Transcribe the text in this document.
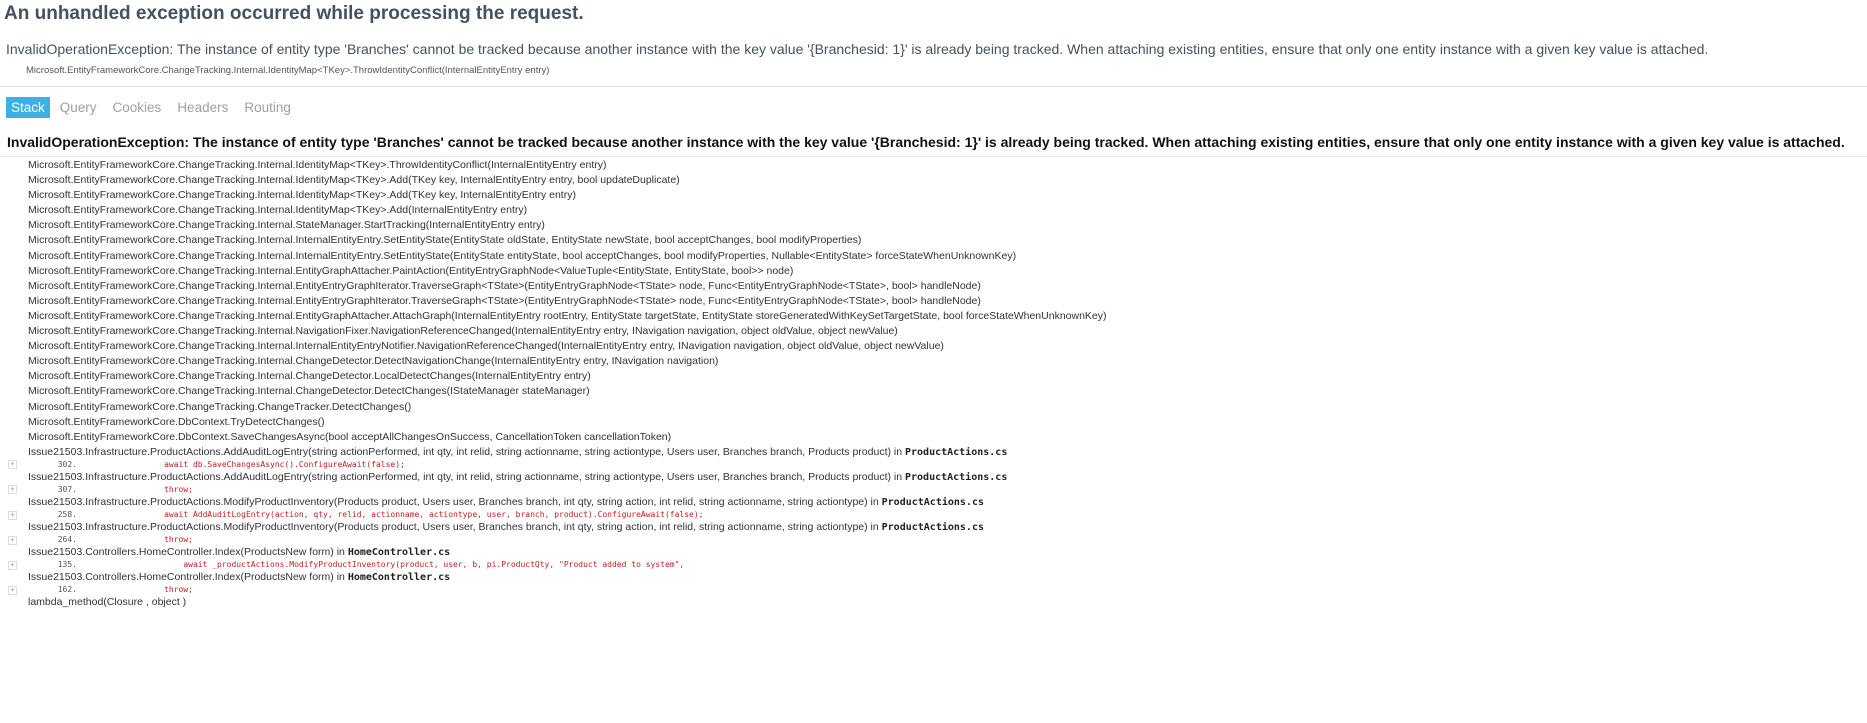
An unhandled exception occurred while processing the request.
InvalidOperationException: The instance of entity type 'Branches' cannot be tracked because another instance with the key value '{Branchesid: 1}' is already being tracked. When attaching existing entities, ensure that only one entity instance with a given key value is attached.
Microsoft.EntityFrameworkCore.ChangeTracking.Internal.IdentityMap<TKey>.ThrowIdentityConflict(InternalEntityEntry entry)
Stack	Query	Cookies	Headers	Routing
InvalidOperationException: The instance of entity type 'Branches' cannot be tracked because another instance with the key value '{Branchesid: 1}' is already being tracked. When attaching existing entities, ensure that only one entity instance with a given key value is attached.
Microsoft.EntityFrameworkCore.ChangeTracking.Internal.IdentityMap<TKey>.ThrowIdentityConflict(InternalEntityEntry entry)
Microsoft.EntityFrameworkCore.ChangeTracking.Internal.IdentityMap<TKey>.Add(TKey key, InternalEntityEntry entry, bool updateDuplicate)
Microsoft.EntityFrameworkCore.ChangeTracking.Internal.IdentityMap<TKey>.Add(TKey key, InternalEntityEntry entry)
Microsoft.EntityFrameworkCore.ChangeTracking.Internal.IdentityMap<TKey>.Add(InternalEntityEntry entry)
Microsoft.EntityFrameworkCore.ChangeTracking.Internal.StateManager.StartTracking(InternalEntityEntry entry)
Microsoft.EntityFrameworkCore.ChangeTracking.Internal.InternalEntityEntry.SetEntityState(EntityState oldState, EntityState newState, bool acceptChanges, bool modifyProperties)
Microsoft.EntityFrameworkCore.ChangeTracking.Internal.InternalEntityEntry.SetEntityState(EntityState entityState, bool acceptChanges, bool modifyProperties, Nullable<EntityState> forceStateWhenUnknownKey)
Microsoft.EntityFrameworkCore.ChangeTracking.Internal.EntityGraphAttacher.PaintAction(EntityEntryGraphNode<ValueTuple<EntityState, EntityState, bool>> node)
Microsoft.EntityFrameworkCore.ChangeTracking.Internal.EntityEntryGraphIterator.TraverseGraph<TState>(EntityEntryGraphNode<TState> node, Func<EntityEntryGraphNode<TState>, bool> handleNode)
Microsoft.EntityFrameworkCore.ChangeTracking.Internal.EntityEntryGraphIterator.TraverseGraph<TState>(EntityEntryGraphNode<TState> node, Func<EntityEntryGraphNode<TState>, bool> handleNode)
Microsoft.EntityFrameworkCore.ChangeTracking.Internal.EntityGraphAttacher.AttachGraph(InternalEntityEntry rootEntry, EntityState targetState, EntityState storeGeneratedWithKeySetTargetState, bool forceStateWhenUnknownKey)
Microsoft.EntityFrameworkCore.ChangeTracking.Internal.NavigationFixer.NavigationReferenceChanged(InternalEntityEntry entry, INavigation navigation, object oldValue, object newValue)
Microsoft.EntityFrameworkCore.ChangeTracking.Internal.InternalEntityEntryNotifier.NavigationReferenceChanged(InternalEntityEntry entry, INavigation navigation, object oldValue, object newValue)
Microsoft.EntityFrameworkCore.ChangeTracking.Internal.ChangeDetector.DetectNavigationChange(InternalEntityEntry entry, INavigation navigation)
Microsoft.EntityFrameworkCore.ChangeTracking.Internal.ChangeDetector.LocalDetectChanges(InternalEntityEntry entry)
Microsoft.EntityFrameworkCore.ChangeTracking.Internal.ChangeDetector.DetectChanges(IStateManager stateManager)
Microsoft.EntityFrameworkCore.ChangeTracking.ChangeTracker.DetectChanges()
Microsoft.EntityFrameworkCore.DbContext.TryDetectChanges()
Microsoft.EntityFrameworkCore.DbContext.SaveChangesAsync(bool acceptAllChangesOnSuccess, CancellationToken cancellationToken)
Issue21503.Infrastructure.ProductActions.AddAuditLogEntry(string actionPerformed, int qty, int relid, string actionname, string actiontype, Users user, Branches branch, Products product) in ProductActions.cs
+	302. await db.SaveChangesAsync().ConfigureAwait(false);
Issue21503.Infrastructure.ProductActions.AddAuditLogEntry(string actionPerformed, int qty, int relid, string actionname, string actiontype, Users user, Branches branch, Products product) in ProductActions.cs
+	307. throw;
Issue21503.Infrastructure.ProductActions.ModifyProductInventory(Products product, Users user, Branches branch, int qty, string action, int relid, string actionname, string actiontype) in ProductActions.cs
+	258. await AddAuditLogEntry(action, qty, relid, actionname, actiontype, user, branch, product).ConfigureAwait(false);
Issue21503.Infrastructure.ProductActions.ModifyProductInventory(Products product, Users user, Branches branch, int qty, string action, int relid, string actionname, string actiontype) in ProductActions.cs
+	264. throw;
Issue21503.Controllers.HomeController.Index(ProductsNew form) in HomeController.cs
+	135. await _productActions.ModifyProductInventory(product, user, b, pi.ProductQty, "Product added to system",
Issue21503.Controllers.HomeController.Index(ProductsNew form) in HomeController.cs
+	162. throw;
lambda_method(Closure , object )
